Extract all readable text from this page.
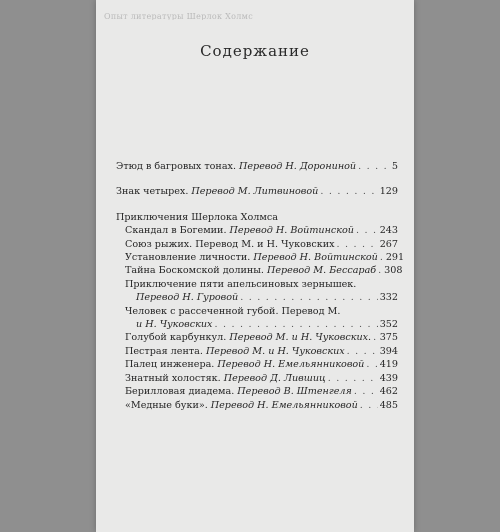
Опыт литературы Шерлок Холмс
Содержание
Этюд в багровых тонах. Перевод Н. Дорониной . . .	5
Знак четырех. Перевод М. Литвиновой . . .	129
Приключения Шерлока Холмса
Скандал в Богемии. Перевод Н. Войтинской . . .	243
Союз рыжих. Перевод М. и Н. Чуковских . . .	267
Установление личности. Перевод Н. Войтинской . . . 291
Тайна Боскомской долины. Перевод М. Бессараб . . . 308
Приключение пяти апельсиновых зернышек.
Перевод Н. Гуровой . . .	332
Человек с рассеченной губой. Перевод М.
и Н. Чуковских . . .	352
Голубой карбункул. Перевод М. и Н. Чуковских. . . . 375
Пестрая лента. Перевод М. и Н. Чуковских . . .	394
Палец инженера. Перевод Н. Емельянниковой . . . 419
Знатный холостяк. Перевод Д. Лившиц . . .	439
Берилловая диадема. Перевод В. Штенгеля . . .	462
«Медные буки». Перевод Н. Емельянниковой . . . 485
